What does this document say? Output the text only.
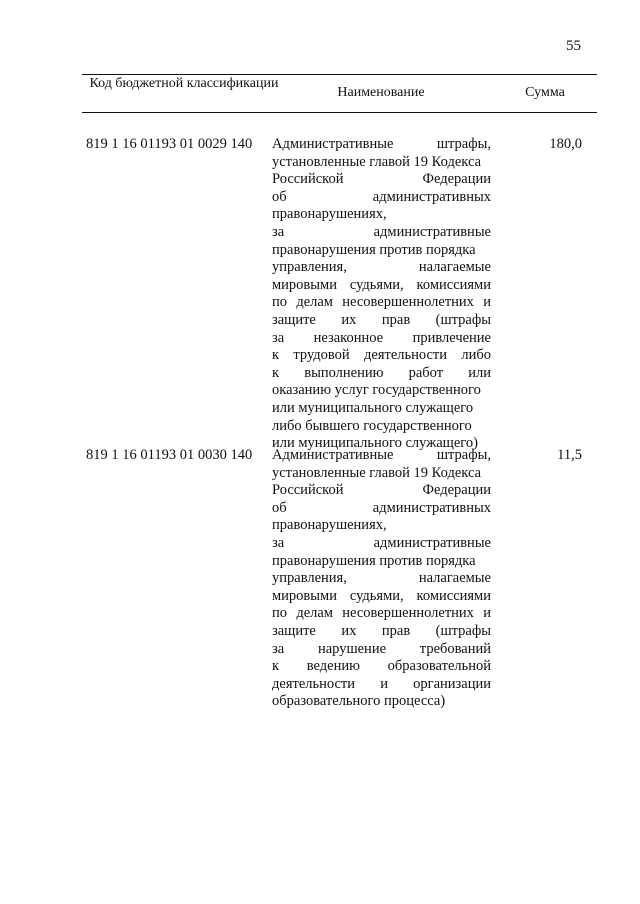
55
Код бюджетной классификации
Наименование	Сумма
819 1 16 01193 01 0029 140 Административные штрафы,
установленные главой 19 Кодекса
Российской Федерации
об административных
правонарушениях,
за административные
правонарушения против порядка
управления, налагаемые
мировыми судьями, комиссиями
по делам несовершеннолетних и
защите их прав (штрафы
за незаконное привлечение
к трудовой деятельности либо
к выполнению работ или
оказанию услуг государственного
или муниципального служащего
либо бывшего государственного
или муниципального служащего)
180,0
819 1 16 01193 01 0030 140 Административные штрафы,
установленные главой 19 Кодекса
Российской Федерации
об административных
правонарушениях,
за административные
правонарушения против порядка
управления, налагаемые
мировыми судьями, комиссиями
по делам несовершеннолетних и
защите их прав (штрафы
за нарушение требований
к ведению образовательной
деятельности и организации
образовательного процесса)
11,5
